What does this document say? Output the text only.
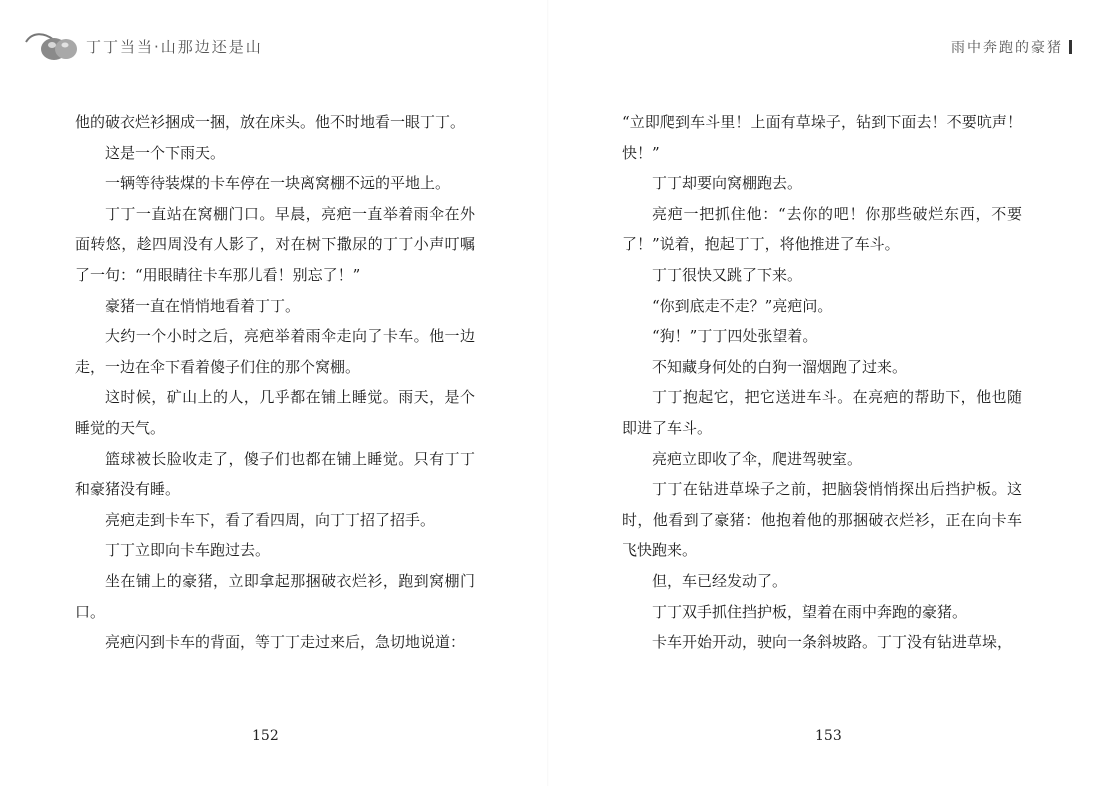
丁丁当当·山那边还是山	雨中奔跑的豪猪

他的破衣烂衫捆成一捆，放在床头。他不时地看一眼丁丁。

这是一个下雨天。

一辆等待装煤的卡车停在一块离窝棚不远的平地上。

丁丁一直站在窝棚门口。早晨，亮疤一直举着雨伞在外面转悠，趁四周没有人影了，对在树下撒尿的丁丁小声叮嘱了一句：“用眼睛往卡车那儿看！别忘了！”

豪猪一直在悄悄地看着丁丁。

大约一个小时之后，亮疤举着雨伞走向了卡车。他一边走，一边在伞下看着傻子们住的那个窝棚。

这时候，矿山上的人，几乎都在铺上睡觉。雨天，是个睡觉的天气。

篮球被长脸收走了，傻子们也都在铺上睡觉。只有丁丁和豪猪没有睡。

亮疤走到卡车下，看了看四周，向丁丁招了招手。

丁丁立即向卡车跑过去。

坐在铺上的豪猪，立即拿起那捆破衣烂衫，跑到窝棚门口。

亮疤闪到卡车的背面，等丁丁走过来后，急切地说道：

“立即爬到车斗里！上面有草垛子，钻到下面去！不要吭声！快！”

丁丁却要向窝棚跑去。

亮疤一把抓住他：“去你的吧！你那些破烂东西，不要了！”说着，抱起丁丁，将他推进了车斗。

丁丁很快又跳了下来。

“你到底走不走？”亮疤问。

“狗！”丁丁四处张望着。

不知藏身何处的白狗一溜烟跑了过来。

丁丁抱起它，把它送进车斗。在亮疤的帮助下，他也随即进了车斗。

亮疤立即收了伞，爬进驾驶室。

丁丁在钻进草垛子之前，把脑袋悄悄探出后挡护板。这时，他看到了豪猪：他抱着他的那捆破衣烂衫，正在向卡车飞快跑来。

但，车已经发动了。

丁丁双手抓住挡护板，望着在雨中奔跑的豪猪。

卡车开始开动，驶向一条斜坡路。丁丁没有钻进草垛，

152	153
